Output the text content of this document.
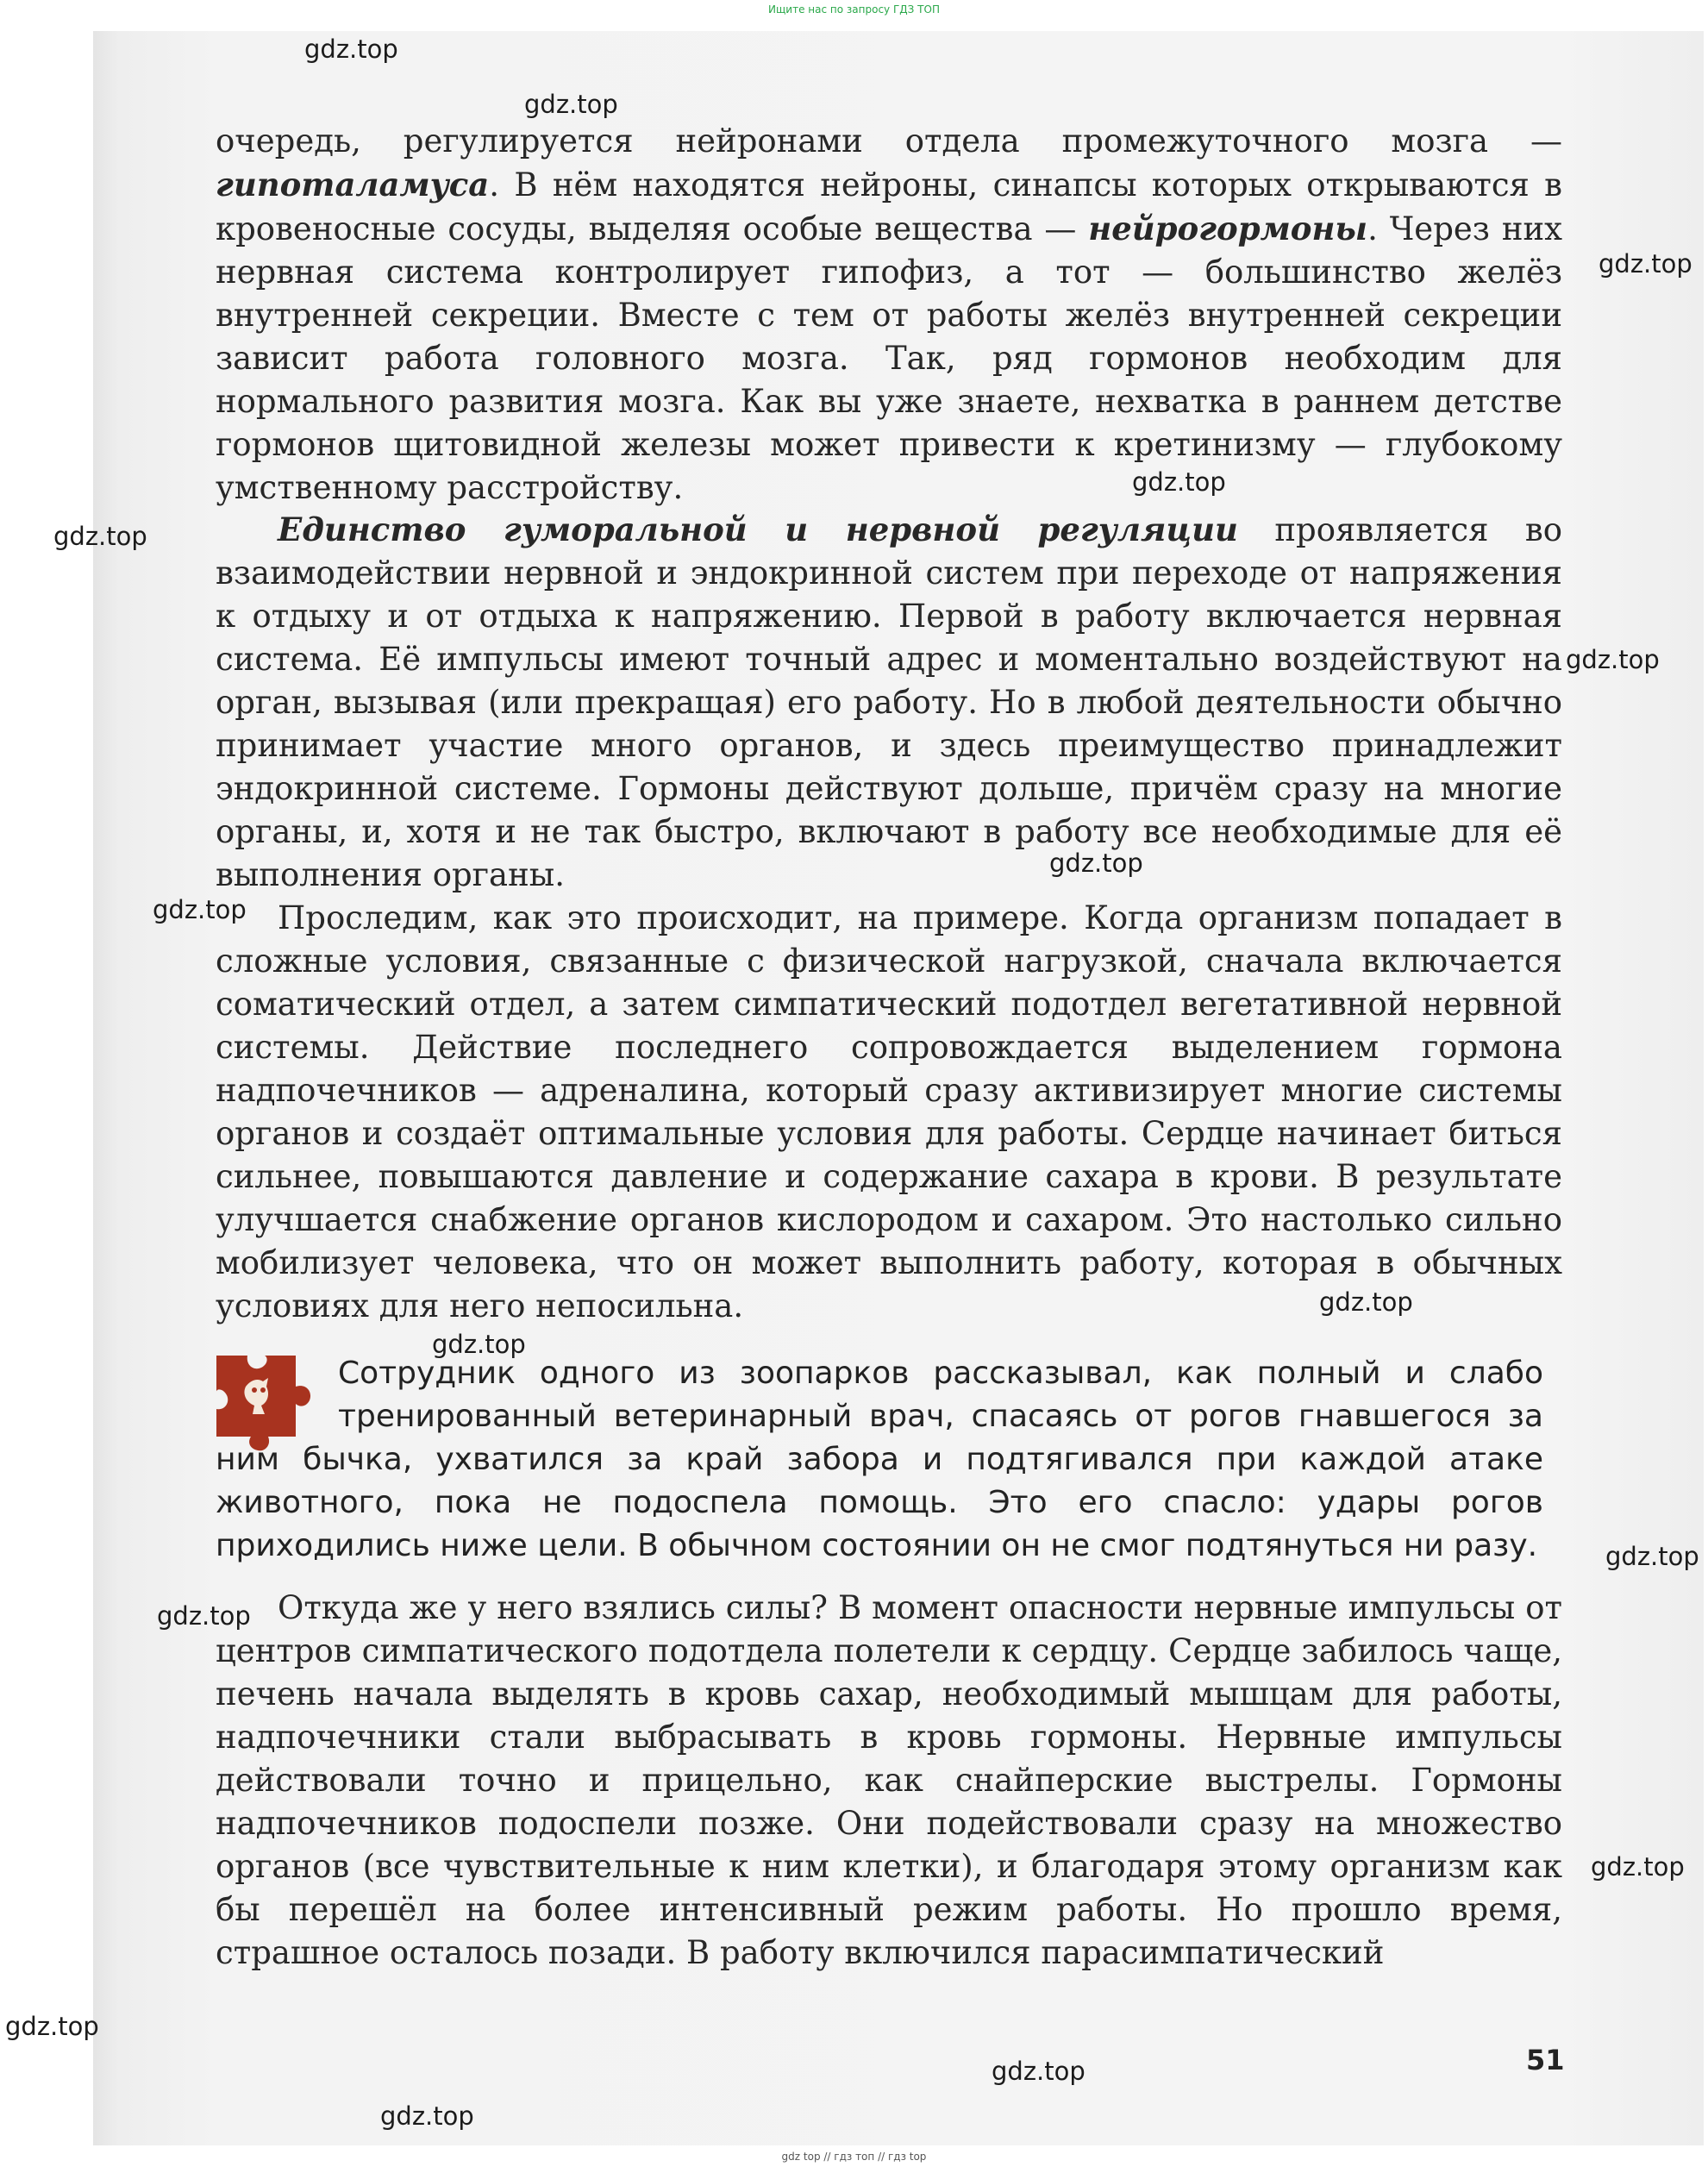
Ищите нас по запросу ГДЗ ТОП

очередь, регулируется нейронами отдела промежуточного мозга — гипоталамуса. В нём находятся нейроны, синапсы которых открываются в кровеносные сосуды, выделяя особые вещества — нейрогормоны. Через них нервная система контролирует гипофиз, а тот — большинство желёз внутренней секреции. Вместе с тем от работы желёз внутренней секреции зависит работа головного мозга. Так, ряд гормонов необходим для нормального развития мозга. Как вы уже знаете, нехватка в раннем детстве гормонов щитовидной железы может привести к кретинизму — глубокому умственному расстройству.

Единство гуморальной и нервной регуляции проявляется во взаимодействии нервной и эндокринной систем при переходе от напряжения к отдыху и от отдыха к напряжению. Первой в работу включается нервная система. Её импульсы имеют точный адрес и моментально воздействуют на орган, вызывая (или прекращая) его работу. Но в любой деятельности обычно принимает участие много органов, и здесь преимущество принадлежит эндокринной системе. Гормоны действуют дольше, причём сразу на многие органы, и, хотя и не так быстро, включают в работу все необходимые для её выполнения органы.

Проследим, как это происходит, на примере. Когда организм попадает в сложные условия, связанные с физической нагрузкой, сначала включается соматический отдел, а затем симпатический подотдел вегетативной нервной системы. Действие последнего сопровождается выделением гормона надпочечников — адреналина, который сразу активизирует многие системы органов и создаёт оптимальные условия для работы. Сердце начинает биться сильнее, повышаются давление и содержание сахара в крови. В результате улучшается снабжение органов кислородом и сахаром. Это настолько сильно мобилизует человека, что он может выполнить работу, которая в обычных условиях для него непосильна.

Сотрудник одного из зоопарков рассказывал, как полный и слабо тренированный ветеринарный врач, спасаясь от рогов гнавшегося за ним бычка, ухватился за край забора и подтягивался при каждой атаке животного, пока не подоспела помощь. Это его спасло: удары рогов приходились ниже цели. В обычном состоянии он не смог подтянуться ни разу.

Откуда же у него взялись силы? В момент опасности нервные импульсы от центров симпатического подотдела полетели к сердцу. Сердце забилось чаще, печень начала выделять в кровь сахар, необходимый мышцам для работы, надпочечники стали выбрасывать в кровь гормоны. Нервные импульсы действовали точно и прицельно, как снайперские выстрелы. Гормоны надпочечников подоспели позже. Они подействовали сразу на множество органов (все чувствительные к ним клетки), и благодаря этому организм как бы перешёл на более интенсивный режим работы. Но прошло время, страшное осталось позади. В работу включился парасимпатический

51
gdz.top
gdz.top
gdz.top
gdz.top
gdz.top
gdz.top
gdz.top
gdz.top
gdz.top
gdz.top
gdz.top
gdz.top
gdz.top
gdz.top
gdz.top
gdz.top
gdz top // гдз топ // гдз top
